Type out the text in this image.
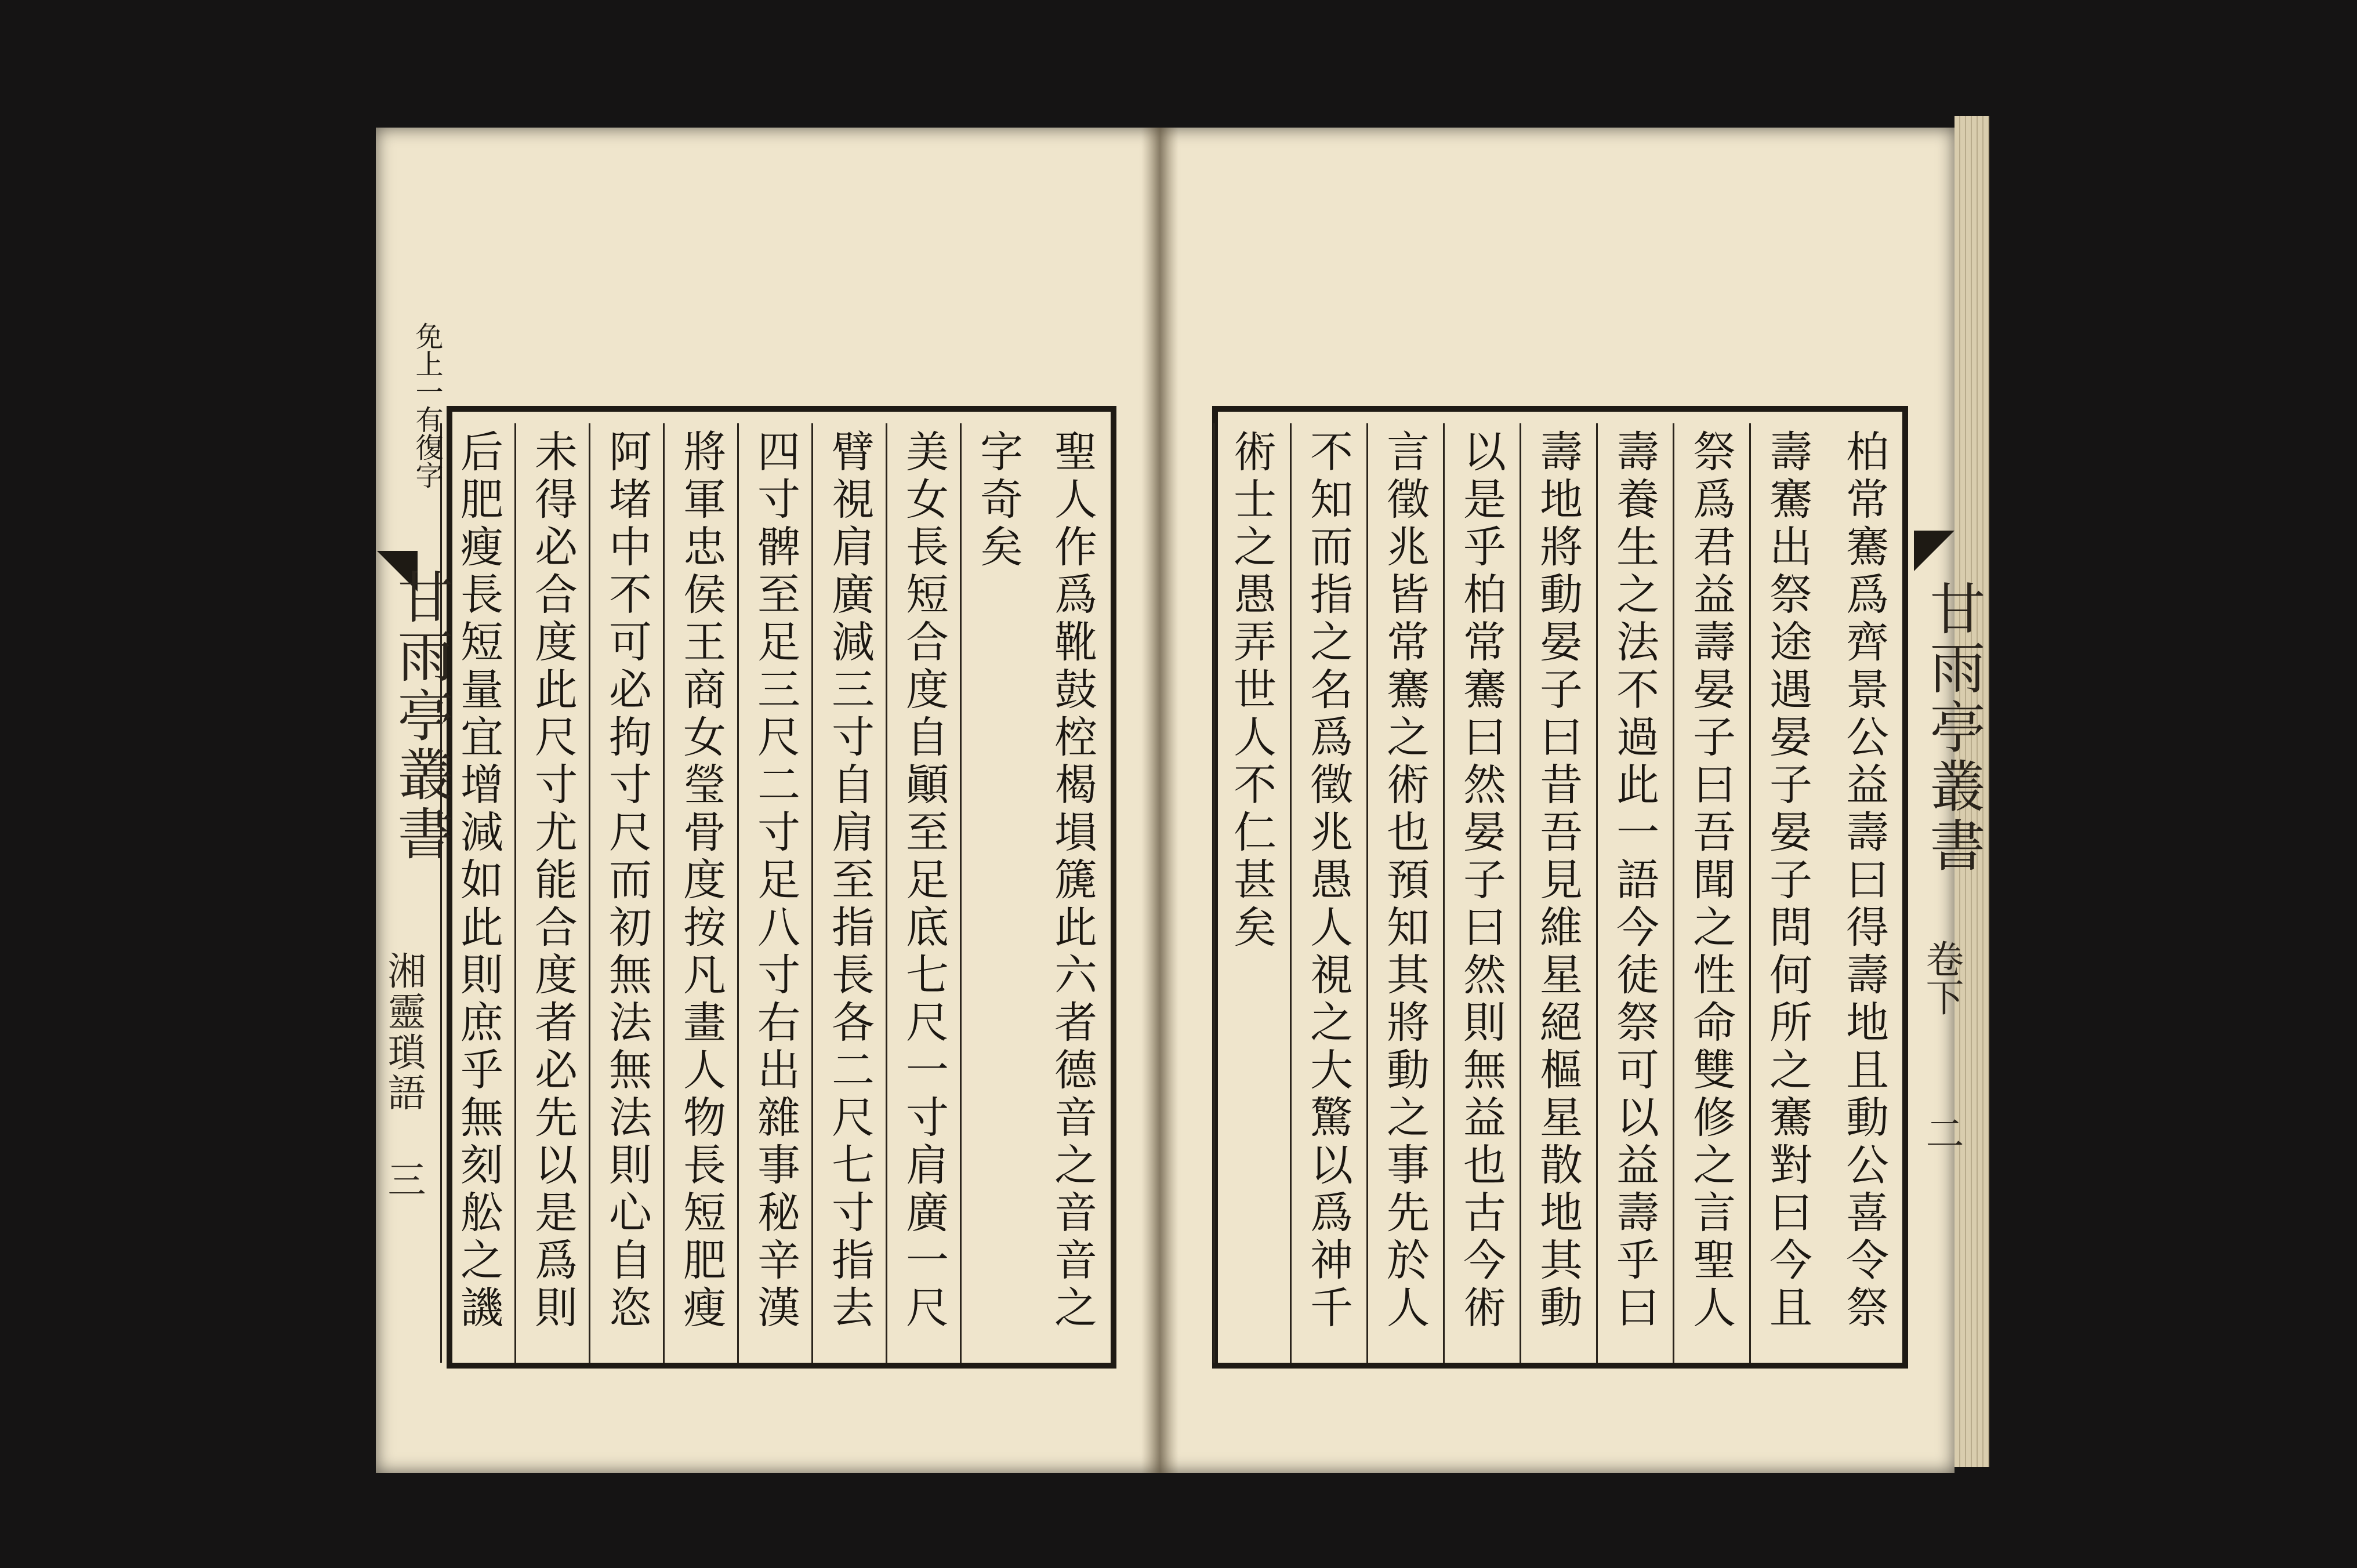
柏常騫爲齊景公益壽曰得壽地且動公喜令祭
壽騫出祭途遇晏子晏子問何所之騫對曰今且
祭爲君益壽晏子曰吾聞之性命雙修之言聖人
壽養生之法不過此一語今徒祭可以益壽乎曰
壽地將動晏子曰昔吾見維星絕樞星散地其動
以是乎柏常騫曰然晏子曰然則無益也古今術
言徵兆皆常騫之術也預知其將動之事先於人
不知而指之名爲徵兆愚人視之大驚以爲神千
術士之愚弄世人不仁甚矣
聖人作爲靴鼓椌楬塤篪此六者德音之音音之
字奇矣
美女長短合度自顚至足底七尺一寸肩廣一尺
臂視肩廣減三寸自肩至指長各二尺七寸指去
四寸髀至足三尺二寸足八寸右出雜事秘辛漢
將軍忠侯王商女瑩骨度按凡畫人物長短肥瘦
阿堵中不可必拘寸尺而初無法無法則心自恣
未得必合度此尺寸尤能合度者必先以是爲則
后肥瘦長短量宜增減如此則庶乎無刻舩之譏
免上一有復字
甘雨亭叢書
湘靈瑣語
三
甘雨亭叢書
卷下
二
